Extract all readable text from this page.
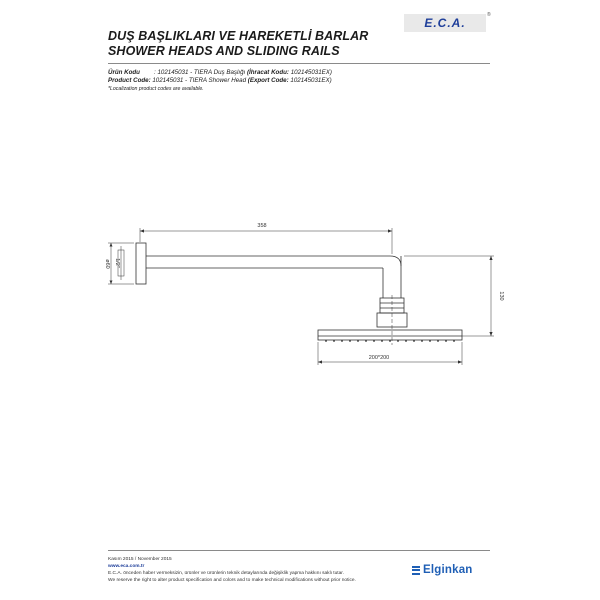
DUŞ BAŞLIKLARI VE HAREKETLİ BARLAR
SHOWER HEADS AND SLIDING RAILS
E.C.A.
®
Ürün Kodu : 102145031 - TIERA Duş Başlığı (İhracat Kodu: 102145031EX)
Product Code: 102145031 - TIERA Shower Head (Export Code: 102145031EX)
*Localization product codes are available.
358
200*200
130
ø60 1/2"
Kasım 2015 / November 2015
www.eca.com.tr
E.C.A. önceden haber vermeksizin, ürünler ve ürünlerin teknik detaylarında değişiklik yapma hakkını saklı tutar.
We reserve the right to alter product specification and colors and to make technical modifications without prior notice.
Elginkan
